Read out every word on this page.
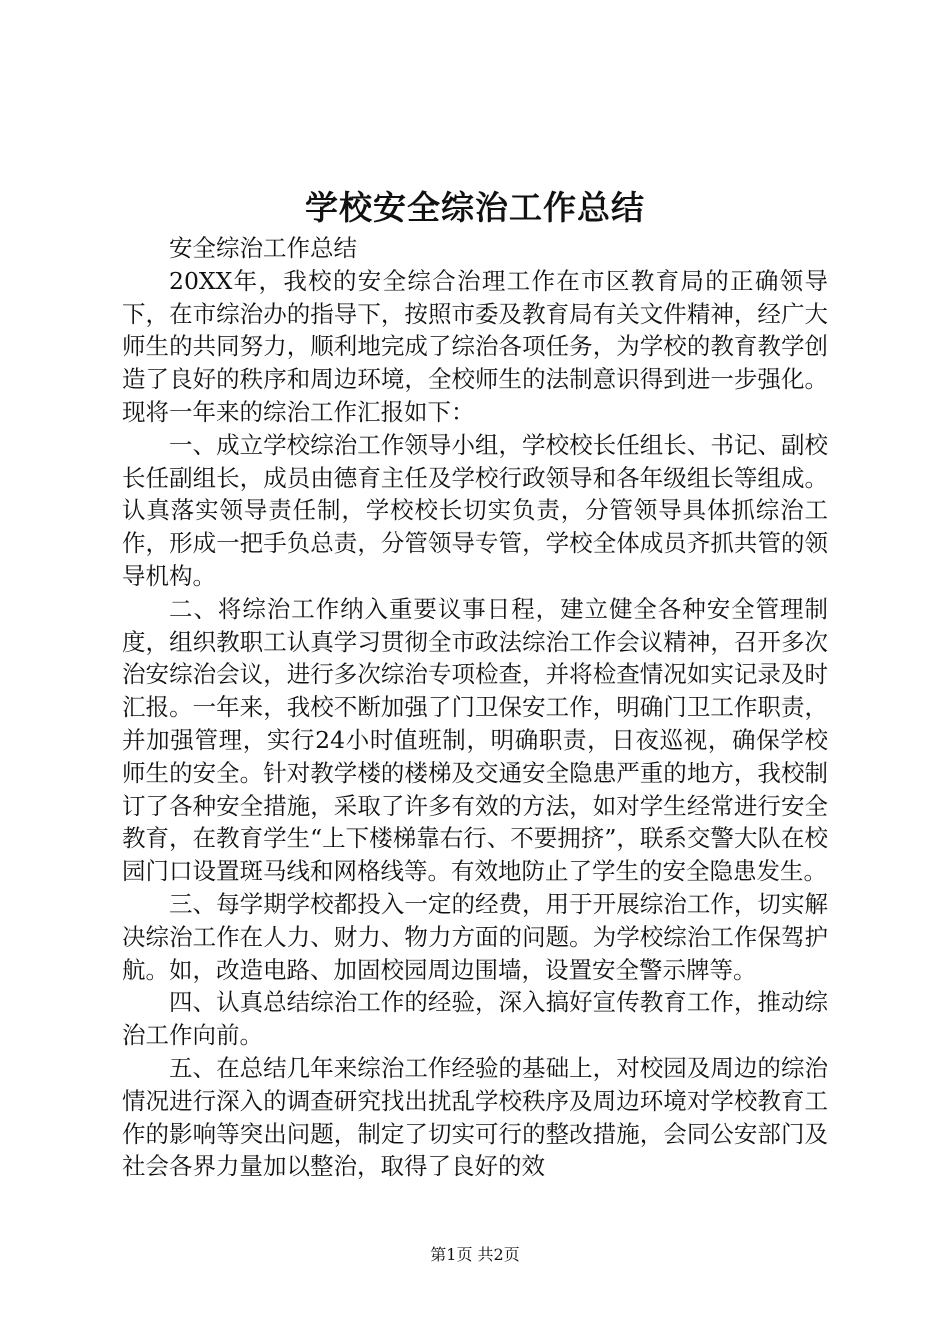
学校安全综治工作总结

安全综治工作总结

20XX年，我校的安全综合治理工作在市区教育局的正确领导下，在市综治办的指导下，按照市委及教育局有关文件精神，经广大师生的共同努力，顺利地完成了综治各项任务，为学校的教育教学创造了良好的秩序和周边环境，全校师生的法制意识得到进一步强化。现将一年来的综治工作汇报如下：

一、成立学校综治工作领导小组，学校校长任组长、书记、副校长任副组长，成员由德育主任及学校行政领导和各年级组长等组成。认真落实领导责任制，学校校长切实负责，分管领导具体抓综治工作，形成一把手负总责，分管领导专管，学校全体成员齐抓共管的领导机构。

二、将综治工作纳入重要议事日程，建立健全各种安全管理制度，组织教职工认真学习贯彻全市政法综治工作会议精神，召开多次治安综治会议，进行多次综治专项检查，并将检查情况如实记录及时汇报。一年来，我校不断加强了门卫保安工作，明确门卫工作职责，并加强管理，实行24小时值班制，明确职责，日夜巡视，确保学校师生的安全。针对教学楼的楼梯及交通安全隐患严重的地方，我校制订了各种安全措施，采取了许多有效的方法，如对学生经常进行安全教育，在教育学生“上下楼梯靠右行、不要拥挤”，联系交警大队在校园门口设置斑马线和网格线等。有效地防止了学生的安全隐患发生。

三、每学期学校都投入一定的经费，用于开展综治工作，切实解决综治工作在人力、财力、物力方面的问题。为学校综治工作保驾护航。如，改造电路、加固校园周边围墙，设置安全警示牌等。

四、认真总结综治工作的经验，深入搞好宣传教育工作，推动综治工作向前。

五、在总结几年来综治工作经验的基础上，对校园及周边的综治情况进行深入的调查研究找出扰乱学校秩序及周边环境对学校教育工作的影响等突出问题，制定了切实可行的整改措施，会同公安部门及社会各界力量加以整治，取得了良好的效

第1页 共2页
